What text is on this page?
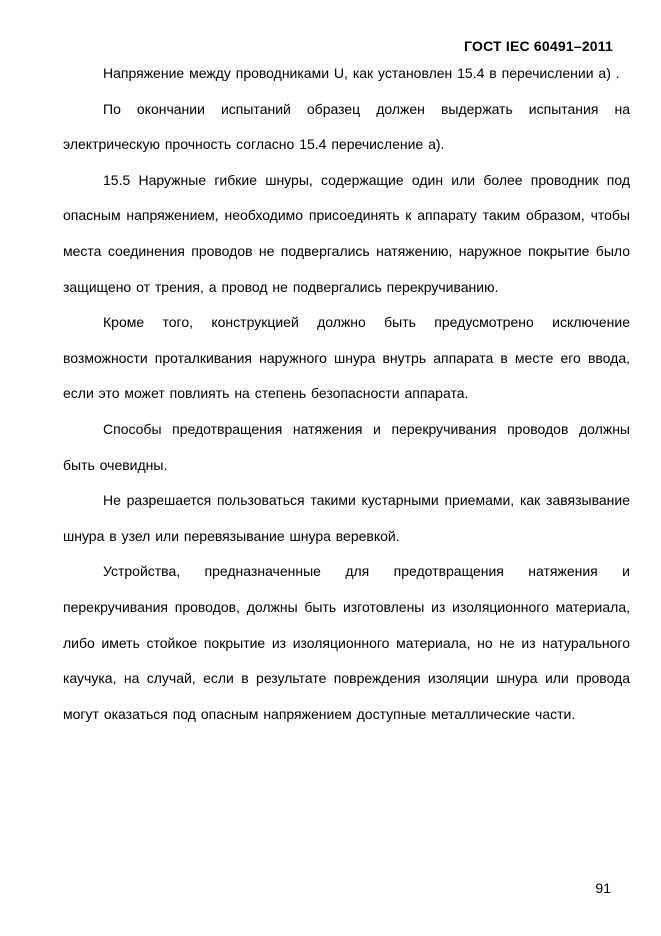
ГОСТ IEC 60491–2011

Напряжение между проводниками U, как установлен 15.4 в перечислении а) .

По окончании испытаний образец должен выдержать испытания на электрическую прочность согласно 15.4 перечисление а).

15.5 Наружные гибкие шнуры, содержащие один или более проводник под опасным напряжением, необходимо присоединять к аппарату таким образом, чтобы места соединения проводов не подвергались натяжению, наружное покрытие было защищено от трения, а провод не подвергались перекручиванию.

Кроме того, конструкцией должно быть предусмотрено исключение возможности проталкивания наружного шнура внутрь аппарата в месте его ввода, если это может повлиять на степень безопасности аппарата.

Способы предотвращения натяжения и перекручивания проводов должны быть очевидны.

Не разрешается пользоваться такими кустарными приемами, как завязывание шнура в узел или перевязывание шнура веревкой.

Устройства, предназначенные для предотвращения натяжения и перекручивания проводов, должны быть изготовлены из изоляционного материала, либо иметь стойкое покрытие из изоляционного материала, но не из натурального каучука, на случай, если в результате повреждения изоляции шнура или провода могут оказаться под опасным напряжением доступные металлические части.

91
